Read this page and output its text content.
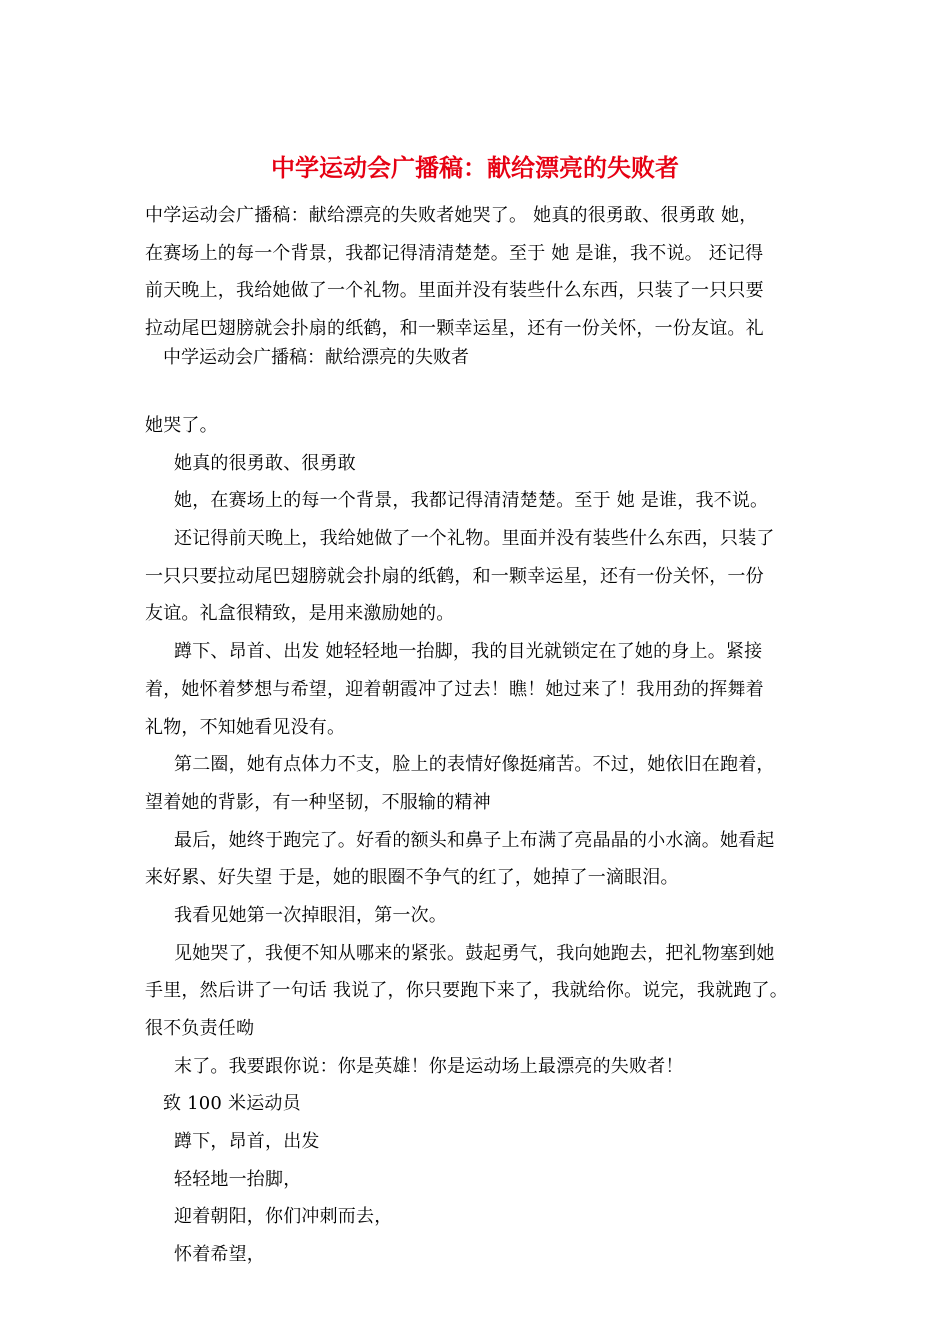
中学运动会广播稿：献给漂亮的失败者
中学运动会广播稿：献给漂亮的失败者她哭了。 她真的很勇敢、很勇敢 她，
在赛场上的每一个背景，我都记得清清楚楚。至于 她 是谁，我不说。 还记得
前天晚上，我给她做了一个礼物。里面并没有装些什么东西，只装了一只只要
拉动尾巴翅膀就会扑扇的纸鹤，和一颗幸运星，还有一份关怀，一份友谊。礼
中学运动会广播稿：献给漂亮的失败者
她哭了。
她真的很勇敢、很勇敢
她，在赛场上的每一个背景，我都记得清清楚楚。至于 她 是谁，我不说。
还记得前天晚上，我给她做了一个礼物。里面并没有装些什么东西，只装了
一只只要拉动尾巴翅膀就会扑扇的纸鹤，和一颗幸运星，还有一份关怀，一份
友谊。礼盒很精致，是用来激励她的。
蹲下、昂首、出发 她轻轻地一抬脚，我的目光就锁定在了她的身上。紧接
着，她怀着梦想与希望，迎着朝霞冲了过去！瞧！她过来了！我用劲的挥舞着
礼物，不知她看见没有。
第二圈，她有点体力不支，脸上的表情好像挺痛苦。不过，她依旧在跑着，
望着她的背影，有一种坚韧，不服输的精神
最后，她终于跑完了。好看的额头和鼻子上布满了亮晶晶的小水滴。她看起
来好累、好失望 于是，她的眼圈不争气的红了，她掉了一滴眼泪。
我看见她第一次掉眼泪，第一次。
见她哭了，我便不知从哪来的紧张。鼓起勇气，我向她跑去，把礼物塞到她
手里，然后讲了一句话 我说了，你只要跑下来了，我就给你。说完，我就跑了。
很不负责任呦
末了。我要跟你说：你是英雄！你是运动场上最漂亮的失败者！
致 100 米运动员
蹲下，昂首，出发
轻轻地一抬脚，
迎着朝阳，你们冲刺而去，
怀着希望，
